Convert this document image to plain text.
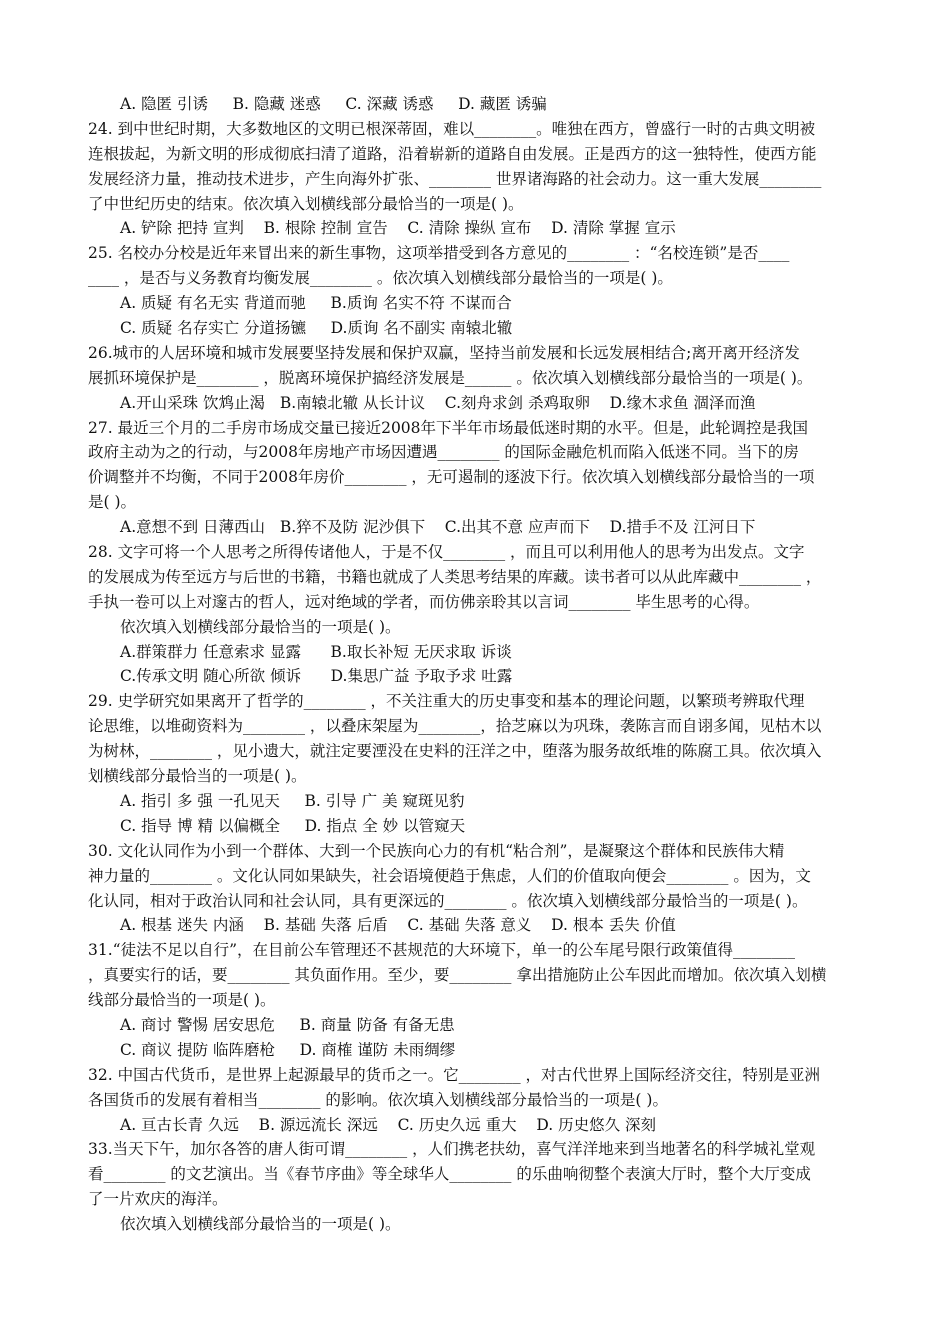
A. 隐匿 引诱     B. 隐藏 迷惑     C. 深藏 诱惑     D. 藏匿 诱骗
24. 到中世纪时期，大多数地区的文明已根深蒂固，难以________。唯独在西方，曾盛行一时的古典文明被
连根拔起，为新文明的形成彻底扫清了道路，沿着崭新的道路自由发展。正是西方的这一独特性，使西方能
发展经济力量，推动技术进步，产生向海外扩张、________ 世界诸海路的社会动力。这一重大发展________
了中世纪历史的结束。依次填入划横线部分最恰当的一项是( )。
A. 铲除 把持 宣判    B. 根除 控制 宣告    C. 清除 操纵 宣布    D. 清除 掌握 宣示
25. 名校办分校是近年来冒出来的新生事物，这项举措受到各方意见的________ ：“名校连锁”是否____
____ ，是否与义务教育均衡发展________ 。依次填入划横线部分最恰当的一项是( )。
A. 质疑 有名无实 背道而驰     B.质询 名实不符 不谋而合
C. 质疑 名存实亡 分道扬镳     D.质询 名不副实 南辕北辙
26.城市的人居环境和城市发展要坚持发展和保护双赢，坚持当前发展和长远发展相结合;离开离开经济发
展抓环境保护是________ ，脱离环境保护搞经济发展是______ 。依次填入划横线部分最恰当的一项是( )。
A.开山采珠 饮鸩止渴   B.南辕北辙 从长计议    C.刻舟求剑 杀鸡取卵    D.缘木求鱼 涸泽而渔
27. 最近三个月的二手房市场成交量已接近2008年下半年市场最低迷时期的水平。但是，此轮调控是我国
政府主动为之的行动，与2008年房地产市场因遭遇________ 的国际金融危机而陷入低迷不同。当下的房
价调整并不均衡，不同于2008年房价________ ，无可遏制的逐波下行。依次填入划横线部分最恰当的一项
是( )。
A.意想不到 日薄西山   B.猝不及防 泥沙俱下    C.出其不意 应声而下    D.措手不及 江河日下
28. 文字可将一个人思考之所得传诸他人，于是不仅________ ，而且可以利用他人的思考为出发点。文字
的发展成为传至远方与后世的书籍，书籍也就成了人类思考结果的库藏。读书者可以从此库藏中________ ，
手执一卷可以上对邃古的哲人，远对绝域的学者，而仿佛亲聆其以言词________ 毕生思考的心得。
依次填入划横线部分最恰当的一项是( )。
A.群策群力 任意索求 显露      B.取长补短 无厌求取 诉谈
C.传承文明 随心所欲 倾诉      D.集思广益 予取予求 吐露
29. 史学研究如果离开了哲学的________ ，不关注重大的历史事变和基本的理论问题，以繁琐考辨取代理
论思维，以堆砌资料为________ ，以叠床架屋为________，拾芝麻以为巩珠，袭陈言而自诩多闻，见枯木以
为树林，________ ，见小遗大，就注定要湮没在史料的汪洋之中，堕落为服务故纸堆的陈腐工具。依次填入
划横线部分最恰当的一项是( )。
A. 指引 多 强 一孔见天     B. 引导 广 美 窥斑见豹
C. 指导 博 精 以偏概全     D. 指点 全 妙 以管窥天
30. 文化认同作为小到一个群体、大到一个民族向心力的有机“粘合剂”，是凝聚这个群体和民族伟大精
神力量的________ 。文化认同如果缺失，社会语境便趋于焦虑，人们的价值取向便会________ 。因为，文
化认同，相对于政治认同和社会认同，具有更深远的________ 。依次填入划横线部分最恰当的一项是( )。
A. 根基 迷失 内涵    B. 基础 失落 后盾    C. 基础 失落 意义    D. 根本 丢失 价值
31.“徒法不足以自行”，在目前公车管理还不甚规范的大环境下，单一的公车尾号限行政策值得________
，真要实行的话，要________ 其负面作用。至少，要________ 拿出措施防止公车因此而增加。依次填入划横
线部分最恰当的一项是( )。
A. 商讨 警惕 居安思危     B. 商量 防备 有备无患
C. 商议 提防 临阵磨枪     D. 商榷 谨防 未雨绸缪
32. 中国古代货币，是世界上起源最早的货币之一。它________ ，对古代世界上国际经济交往，特别是亚洲
各国货币的发展有着相当________ 的影响。依次填入划横线部分最恰当的一项是( )。
A. 亘古长青 久远    B. 源远流长 深远    C. 历史久远 重大    D. 历史悠久 深刻
33.当天下午，加尔各答的唐人街可谓________ ，人们携老扶幼，喜气洋洋地来到当地著名的科学城礼堂观
看________ 的文艺演出。当《春节序曲》等全球华人________ 的乐曲响彻整个表演大厅时，整个大厅变成
了一片欢庆的海洋。
依次填入划横线部分最恰当的一项是( )。
